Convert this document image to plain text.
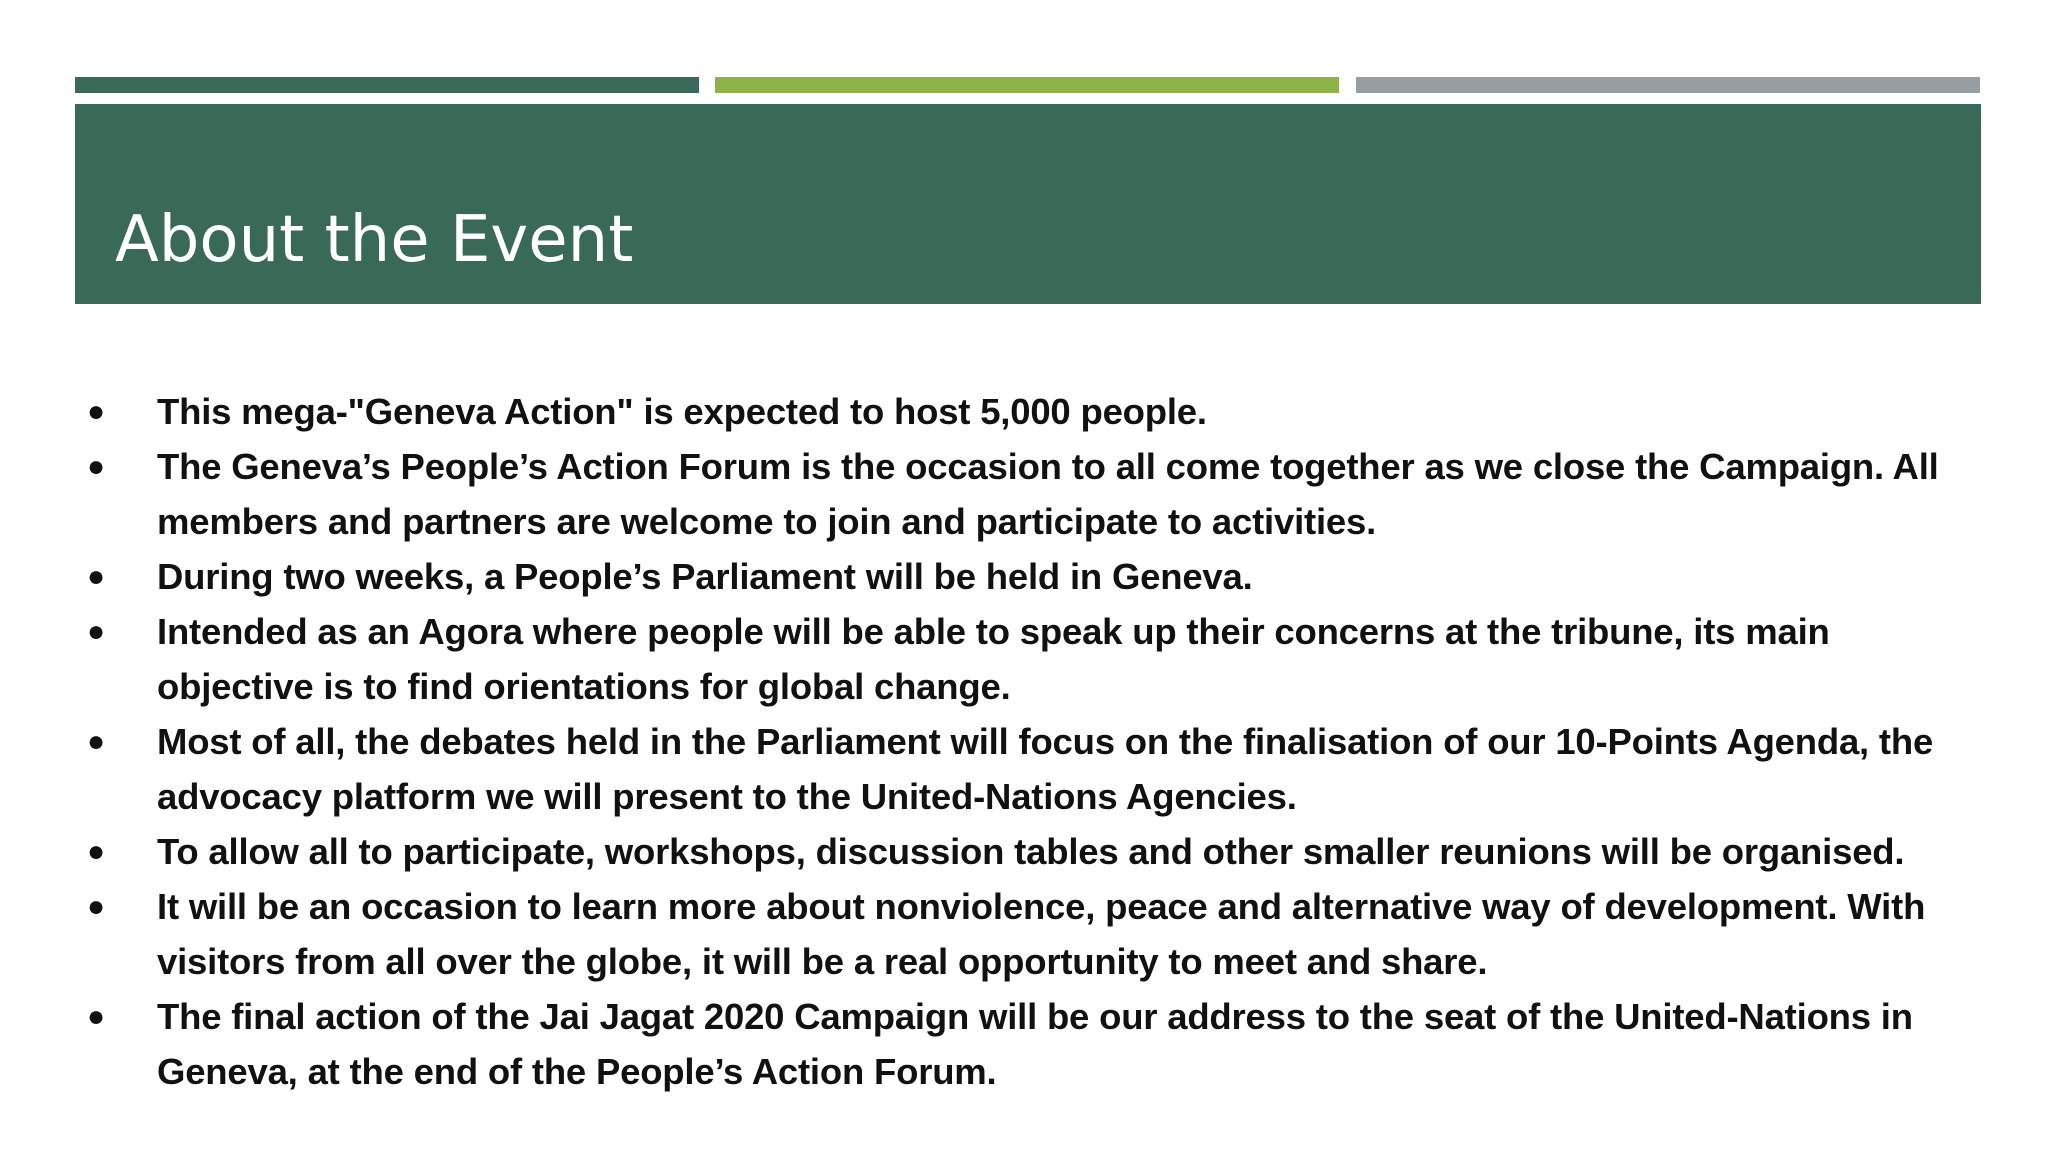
About the Event
●	This mega-"Geneva Action" is expected to host 5,000 people.
●	The Geneva’s People’s Action Forum is the occasion to all come together as we close the Campaign. All members and partners are welcome to join and participate to activities.
●	During two weeks, a People’s Parliament will be held in Geneva.
●	Intended as an Agora where people will be able to speak up their concerns at the tribune, its main objective is to find orientations for global change.
●	Most of all, the debates held in the Parliament will focus on the finalisation of our 10-Points Agenda, the advocacy platform we will present to the United-Nations Agencies.
●	To allow all to participate, workshops, discussion tables and other smaller reunions will be organised.
●	It will be an occasion to learn more about nonviolence, peace and alternative way of development. With visitors from all over the globe, it will be a real opportunity to meet and share.
●	The final action of the Jai Jagat 2020 Campaign will be our address to the seat of the United-Nations in Geneva, at the end of the People’s Action Forum.
